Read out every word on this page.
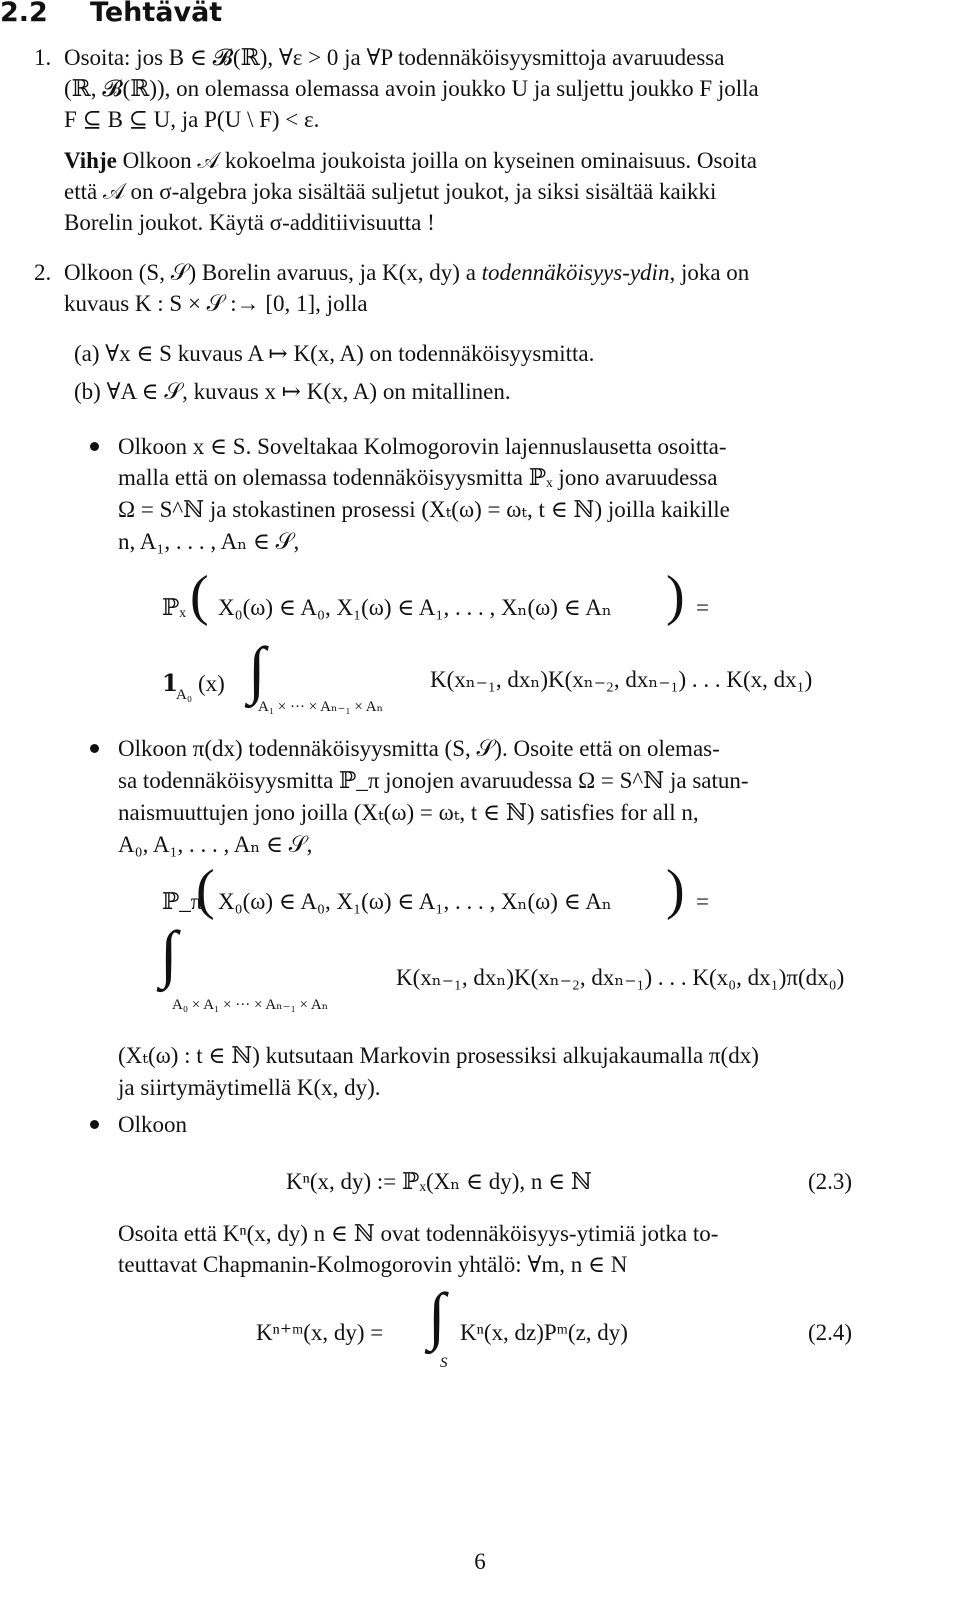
2.2 Tehtävät
1. Osoita: jos B ∈ 𝓑(ℝ), ∀ε > 0 ja ∀P todennäköisyysmittoja avaruudessa
(ℝ, 𝓑(ℝ)), on olemassa olemassa avoin joukko U ja suljettu joukko F jolla
F ⊆ B ⊆ U, ja P(U \ F) < ε.
Vihje Olkoon 𝒜 kokoelma joukoista joilla on kyseinen ominaisuus. Osoita
että 𝒜 on σ-algebra joka sisältää suljetut joukot, ja siksi sisältää kaikki
Borelin joukot. Käytä σ-additiivisuutta !
2. Olkoon (S, 𝒮) Borelin avaruus, ja K(x, dy) a todennäköisyys-ydin, joka on
kuvaus K : S × 𝒮 :→ [0, 1], jolla
(a) ∀x ∈ S kuvaus A ↦ K(x, A) on todennäköisyysmitta.
(b) ∀A ∈ 𝒮, kuvaus x ↦ K(x, A) on mitallinen.
Olkoon x ∈ S. Soveltakaa Kolmogorovin lajennuslausetta osoitta-
malla että on olemassa todennäköisyysmitta ℙₓ jono avaruudessa
Ω = S^ℕ ja stokastinen prosessi (Xₜ(ω) = ωₜ, t ∈ ℕ) joilla kaikille
n, A₁, . . . , Aₙ ∈ 𝒮,
ℙₓ ( X₀(ω) ∈ A₀, X₁(ω) ∈ A₁, . . . , Xₙ(ω) ∈ Aₙ ) =
𝟏
A₀ (x) ∫
A₁ × ··· × Aₙ₋₁ × Aₙ
K(xₙ₋₁, dxₙ)K(xₙ₋₂, dxₙ₋₁) . . . K(x, dx₁)
Olkoon π(dx) todennäköisyysmitta (S, 𝒮). Osoite että on olemas-
sa todennäköisyysmitta ℙ_π jonojen avaruudessa Ω = S^ℕ ja satun-
naismuuttujen jono joilla (Xₜ(ω) = ωₜ, t ∈ ℕ) satisfies for all n,
A₀, A₁, . . . , Aₙ ∈ 𝒮,
ℙ_π
( X₀(ω) ∈ A₀, X₁(ω) ∈ A₁, . . . , Xₙ(ω) ∈ Aₙ ) =
∫
A₀ × A₁ × ··· × Aₙ₋₁ × Aₙ
K(xₙ₋₁, dxₙ)K(xₙ₋₂, dxₙ₋₁) . . . K(x₀, dx₁)π(dx₀)
(Xₜ(ω) : t ∈ ℕ) kutsutaan Markovin prosessiksi alkujakaumalla π(dx)
ja siirtymäytimellä K(x, dy).
Olkoon
Kⁿ(x, dy) := ℙₓ(Xₙ ∈ dy), n ∈ ℕ	(2.3)
Osoita että Kⁿ(x, dy) n ∈ ℕ ovat todennäköisyys-ytimiä jotka to-
teuttavat Chapmanin-Kolmogorovin yhtälö: ∀m, n ∈ N
Kⁿ⁺ᵐ(x, dy) = ∫
S
Kⁿ(x, dz)Pᵐ(z, dy)	(2.4)
6
